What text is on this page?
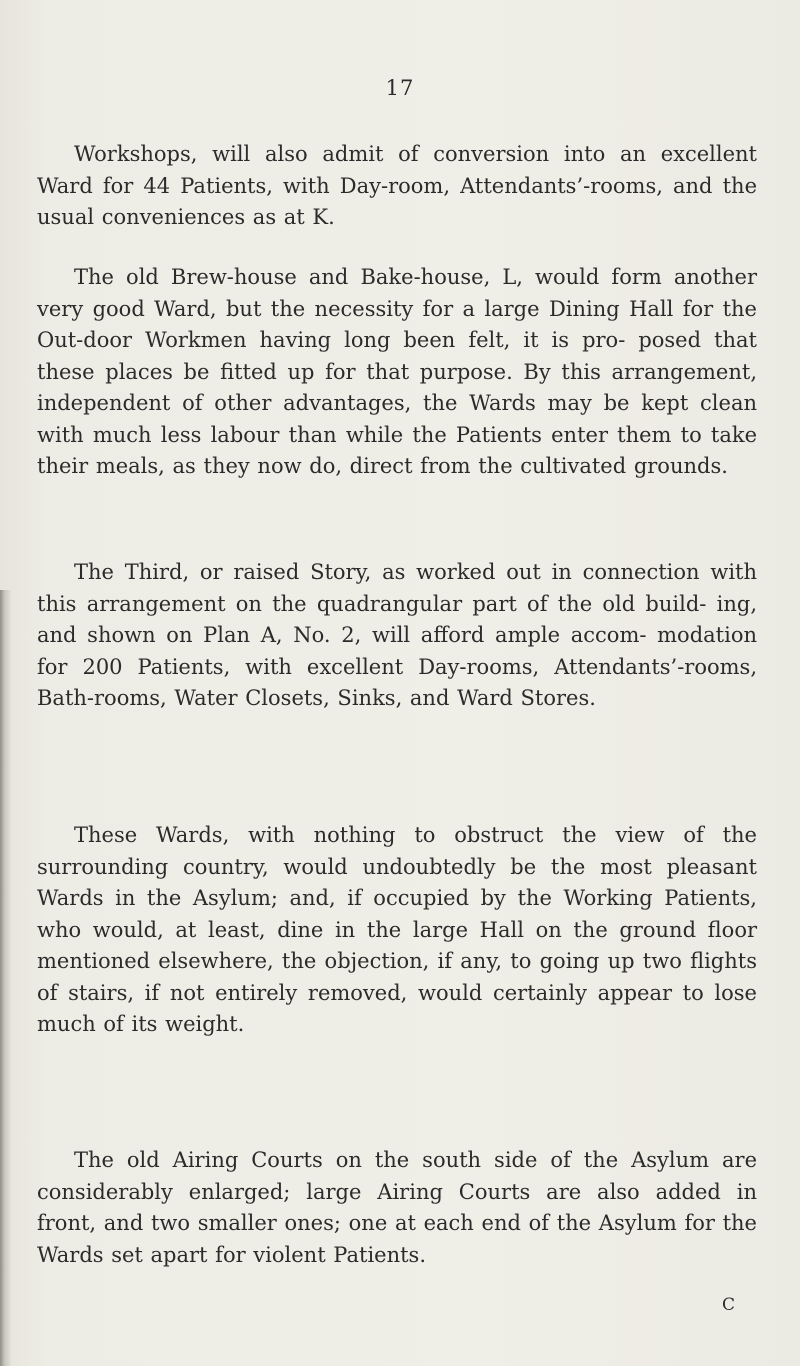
17

Workshops, will also admit of conversion into an excellent Ward for 44 Patients, with Day-room, Attendants’-rooms, and the usual conveniences as at K.

The old Brew-house and Bake-house, L, would form another very good Ward, but the necessity for a large Dining Hall for the Out-door Workmen having long been felt, it is pro- posed that these places be fitted up for that purpose. By this arrangement, independent of other advantages, the Wards may be kept clean with much less labour than while the Patients enter them to take their meals, as they now do, direct from the cultivated grounds.

The Third, or raised Story, as worked out in connection with this arrangement on the quadrangular part of the old build- ing, and shown on Plan A, No. 2, will afford ample accom- modation for 200 Patients, with excellent Day-rooms, Attendants’-rooms, Bath-rooms, Water Closets, Sinks, and Ward Stores.

These Wards, with nothing to obstruct the view of the surrounding country, would undoubtedly be the most pleasant Wards in the Asylum; and, if occupied by the Working Patients, who would, at least, dine in the large Hall on the ground floor mentioned elsewhere, the objection, if any, to going up two flights of stairs, if not entirely removed, would certainly appear to lose much of its weight.

The old Airing Courts on the south side of the Asylum are considerably enlarged; large Airing Courts are also added in front, and two smaller ones; one at each end of the Asylum for the Wards set apart for violent Patients.

C
